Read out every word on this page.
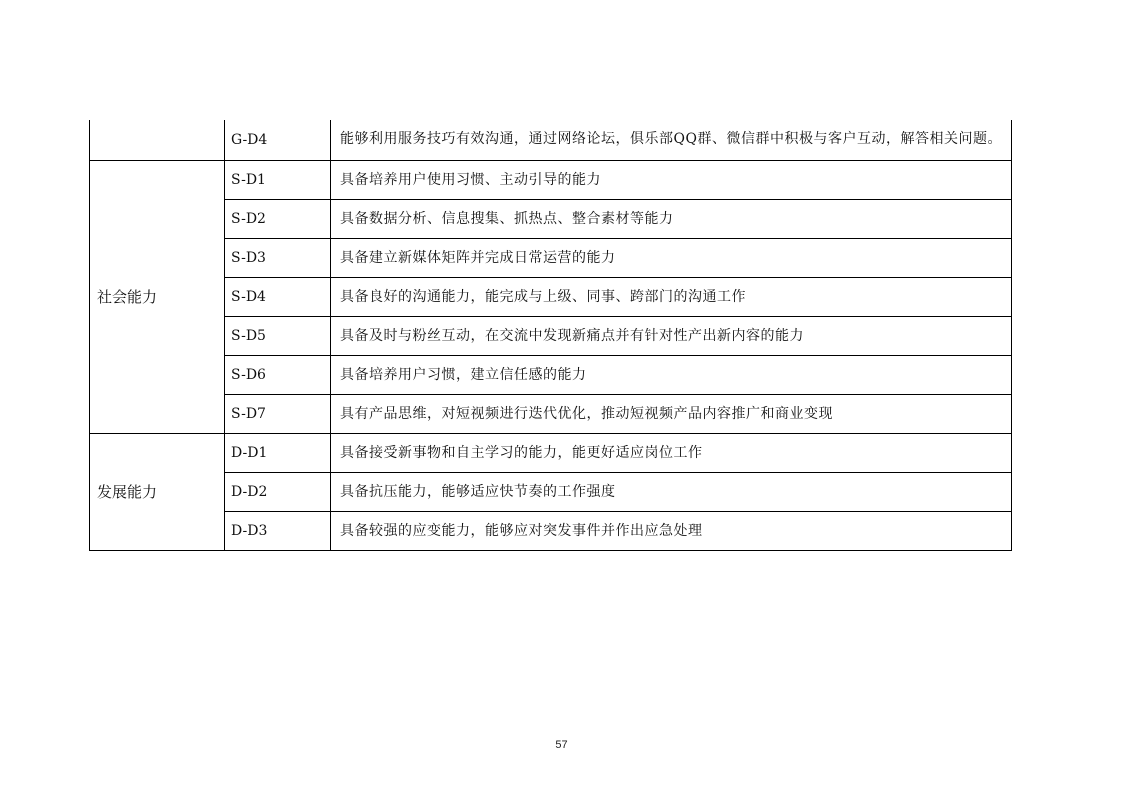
	G-D4	能够利用服务技巧有效沟通，通过网络论坛，俱乐部QQ群、微信群中积极与客户互动，解答相关问题。
社会能力	S-D1	具备培养用户使用习惯、主动引导的能力
	S-D2	具备数据分析、信息搜集、抓热点、整合素材等能力
	S-D3	具备建立新媒体矩阵并完成日常运营的能力
	S-D4	具备良好的沟通能力，能完成与上级、同事、跨部门的沟通工作
	S-D5	具备及时与粉丝互动，在交流中发现新痛点并有针对性产出新内容的能力
	S-D6	具备培养用户习惯，建立信任感的能力
	S-D7	具有产品思维，对短视频进行迭代优化，推动短视频产品内容推广和商业变现
发展能力	D-D1	具备接受新事物和自主学习的能力，能更好适应岗位工作
	D-D2	具备抗压能力，能够适应快节奏的工作强度
	D-D3	具备较强的应变能力，能够应对突发事件并作出应急处理
57
